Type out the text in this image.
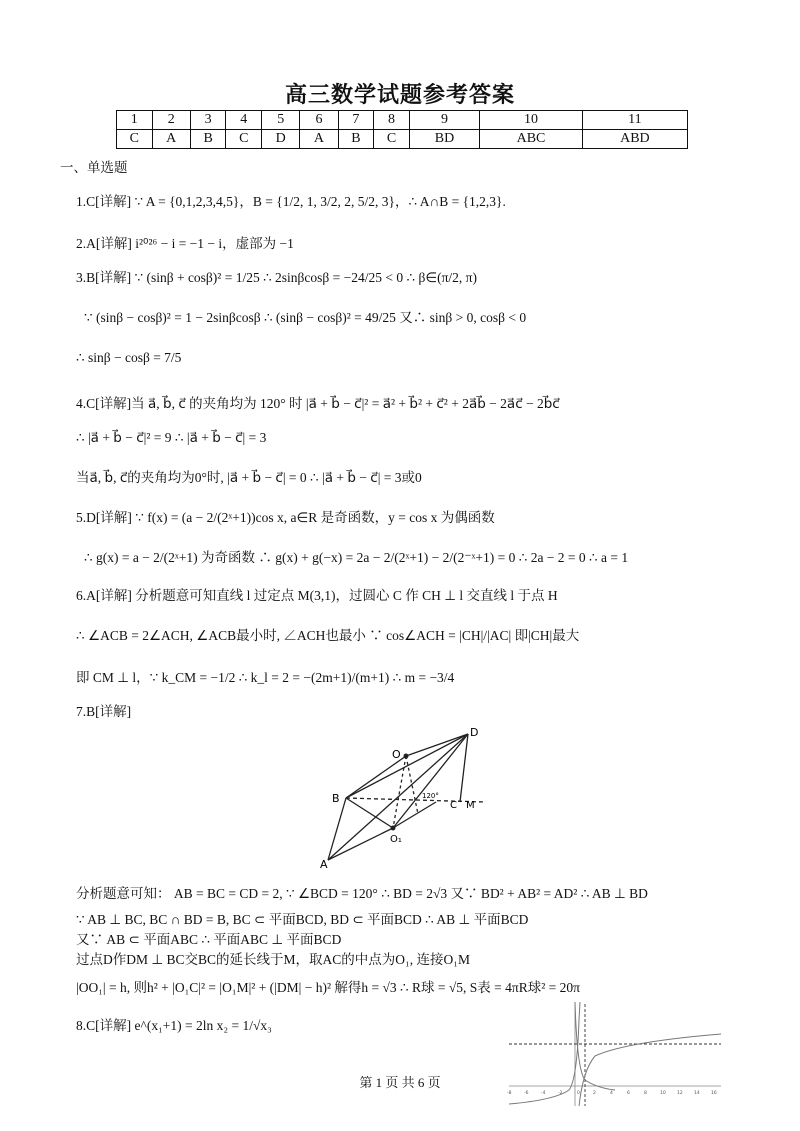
高三数学试题参考答案
1	2	3	4	5	6	7	8	9	10	11
C	A	B	C	D	A	B	C	BD	ABC	ABD
一、单选题
1.C[详解] ∵ A = {0,1,2,3,4,5}，B = {1/2, 1, 3/2, 2, 5/2, 3}，∴ A∩B = {1,2,3}.
2.A[详解] i²⁰²⁶ − i = −1 − i，虚部为 −1
3.B[详解] ∵ (sinβ + cosβ)² = 1/25 ∴ 2sinβcosβ = −24/25 < 0 ∴ β∈(π/2, π)
∵ (sinβ − cosβ)² = 1 − 2sinβcosβ ∴ (sinβ − cosβ)² = 49/25 又∴ sinβ > 0, cosβ < 0
∴ sinβ − cosβ = 7/5
4.C[详解]当 a⃗, b⃗, c⃗ 的夹角均为 120° 时 |a⃗ + b⃗ − c⃗|² = a⃗² + b⃗² + c⃗² + 2a⃗b⃗ − 2a⃗c⃗ − 2b⃗c⃗
∴ |a⃗ + b⃗ − c⃗|² = 9 ∴ |a⃗ + b⃗ − c⃗| = 3
当a⃗, b⃗, c⃗的夹角均为0°时, |a⃗ + b⃗ − c⃗| = 0 ∴ |a⃗ + b⃗ − c⃗| = 3或0
5.D[详解] ∵ f(x) = (a − 2/(2ˣ+1))cos x, a∈R 是奇函数，y = cos x 为偶函数
∴ g(x) = a − 2/(2ˣ+1) 为奇函数 ∴ g(x) + g(−x) = 2a − 2/(2ˣ+1) − 2/(2⁻ˣ+1) = 0 ∴ 2a − 2 = 0 ∴ a = 1
6.A[详解] 分析题意可知直线 l 过定点 M(3,1)，过圆心 C 作 CH ⊥ l 交直线 l 于点 H
∴ ∠ACB = 2∠ACH, ∠ACB最小时, ∠ACH也最小 ∵ cos∠ACH = |CH|/|AC| 即|CH|最大
即 CM ⊥ l，∵ k_CM = −1/2 ∴ k_l = 2 = −(2m+1)/(m+1) ∴ m = −3/4
7.B[详解]
D
O
B
C M
O₁
A
120°
分析题意可知： AB = BC = CD = 2, ∵ ∠BCD = 120° ∴ BD = 2√3 又∵ BD² + AB² = AD² ∴ AB ⊥ BD
∵ AB ⊥ BC, BC ∩ BD = B, BC ⊂ 平面BCD, BD ⊂ 平面BCD ∴ AB ⊥ 平面BCD
又∵ AB ⊂ 平面ABC ∴ 平面ABC ⊥ 平面BCD
过点D作DM ⊥ BC交BC的延长线于M，取AC的中点为O₁, 连接O₁M
|OO₁| = h, 则h² + |O₁C|² = |O₁M|² + (|DM| − h)² 解得h = √3 ∴ R球 = √5, S表 = 4πR球² = 20π
8.C[详解] e^(x₁+1) = 2ln x₂ = 1/√x₃
-8	-6	-4	-2	0	2	4	6	8	10	12	14	16
第 1 页 共 6 页
